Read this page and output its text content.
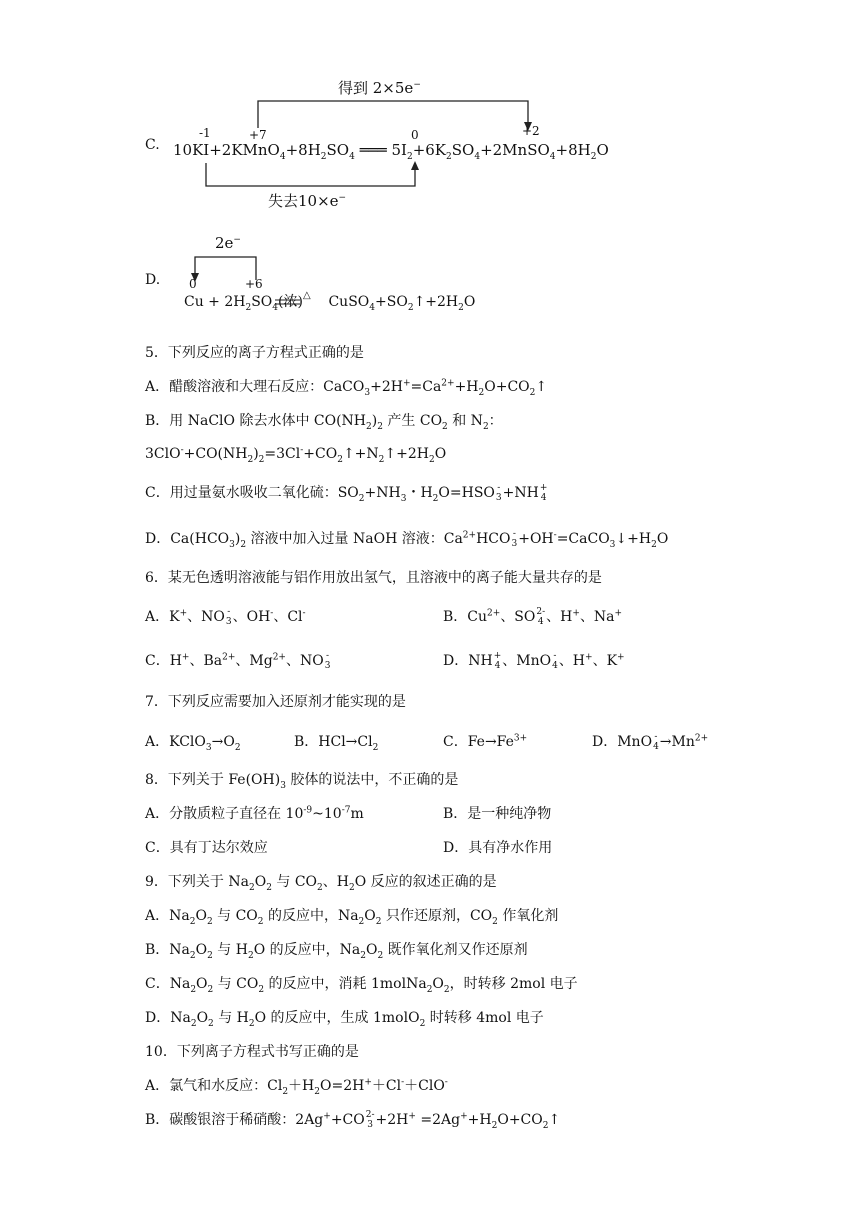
C.
得到 2×5e−
-1	+7	0	+2
$10KI+2KMnO_4+8H_2SO_4$ ═══ $5I_2+6K_2SO_4+2MnSO_4+8H_2O$
失去10×e−
D.
2e−
0	+6
$Cu + 2H_2SO_4$(浓)△    $CuSO_4+SO_2↑+2H_2O$
5．下列反应的离子方程式正确的是
A．醋酸溶液和大理石反应：$CaCO_3+2H^+=Ca^{2+}+H_2O+CO_2↑$
B．用 NaClO 除去水体中 $CO(NH_2)_2$ 产生 $CO_2$ 和 $N_2$：
$3ClO^-+CO(NH_2)_2=3Cl^-+CO_2↑+N_2↑+2H_2O$
C．用过量氨水吸收二氧化硫：$SO_2+NH_3$・$H_2O=HSO$ -
3 +NH +
4
D．$Ca(HCO_3)_2$ 溶液中加入过量 NaOH 溶液：$Ca^{2+}HCO$ -
$3 +OH^-=CaCO_3↓+H_2O$
6．某无色透明溶液能与铝作用放出氢气，且溶液中的离子能大量共存的是
A．K+、NO -
3 、OH-、Cl-	B．$Cu^{2+}$、SO 2-
4 、H+、Na+
C．H+、$Ba^{2+}$、$Mg^{2+}$、NO -
3	D．NH +
4 、MnO -
4 、H+、K+
7．下列反应需要加入还原剂才能实现的是
A．$KClO_3\to O_2$	B．$HCl\to Cl_2$	C．$Fe\to Fe^{3+}$	D．MnO -
$4 \to Mn^{2+}$
8．下列关于 $Fe(OH)_3$ 胶体的说法中，不正确的是
A．分散质粒子直径在 $10^{-9}\sim 10^{-7}m$	B．是一种纯净物
C．具有丁达尔效应	D．具有净水作用
9．下列关于 $Na_2O_2$ 与 $CO_2$、$H_2O$ 反应的叙述正确的是
A．$Na_2O_2$ 与 $CO_2$ 的反应中，$Na_2O_2$ 只作还原剂，$CO_2$ 作氧化剂
B．$Na_2O_2$ 与 $H_2O$ 的反应中，$Na_2O_2$ 既作氧化剂又作还原剂
C．$Na_2O_2$ 与 $CO_2$ 的反应中，消耗 $1molNa_2O_2$，时转移 2mol 电子
D．$Na_2O_2$ 与 $H_2O$ 的反应中，生成 1molO$_2$ 时转移 4mol 电子
10．下列离子方程式书写正确的是
A．氯气和水反应：$Cl_2+H_2O=2H^++Cl^-+ClO^-$
B．碳酸银溶于稀硝酸：2Ag++CO 2-
$3 +2H^+ =2Ag^++H_2O+CO_2↑$
